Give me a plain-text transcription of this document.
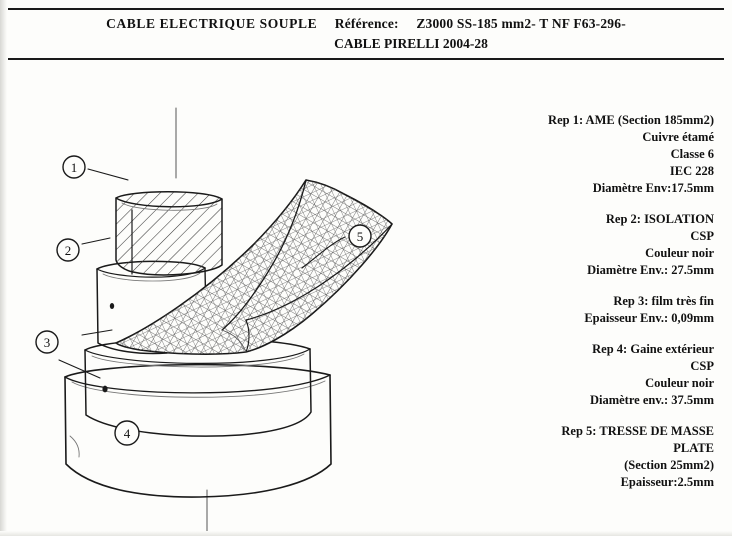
CABLE ELECTRIQUE SOUPLE Référence: Z3000 SS-185 mm2- T NF F63-296-
CABLE PIRELLI 2004-28
Rep 1: AME (Section 185mm2)
Cuivre étamé
Classe 6
IEC 228
Diamètre Env:17.5mm
Rep 2: ISOLATION
CSP
Couleur noir
Diamètre Env.: 27.5mm
Rep 3: film très fin
Epaisseur Env.: 0,09mm
Rep 4: Gaine extérieur
CSP
Couleur noir
Diamètre env.: 37.5mm
Rep 5: TRESSE DE MASSE
PLATE
(Section 25mm2)
Epaisseur:2.5mm
1
2
3
4
5
